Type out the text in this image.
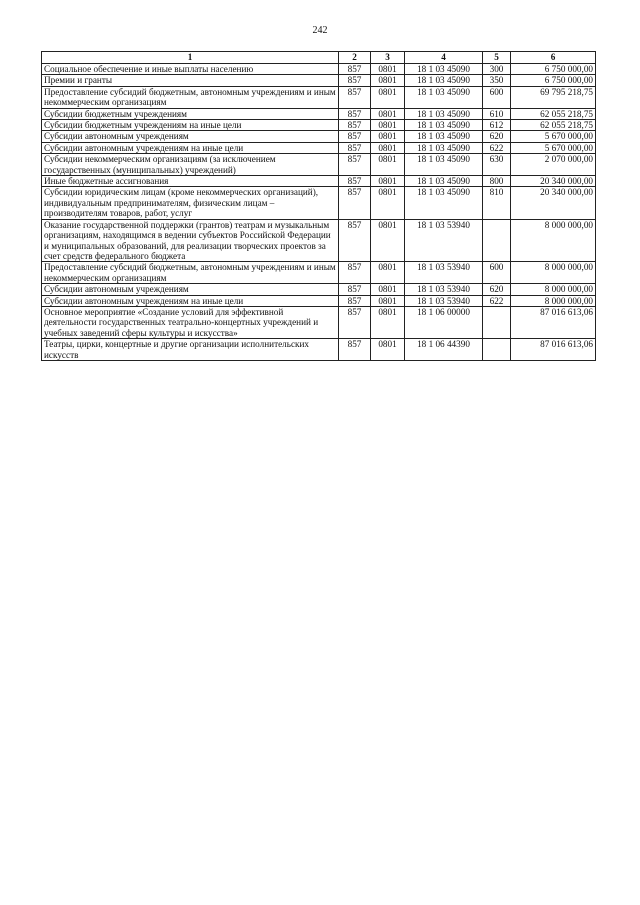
242
1	2	3	4	5	6
Социальное обеспечение и иные выплаты населению	857	0801	18 1 03 45090	300	6 750 000,00
Премии и гранты	857	0801	18 1 03 45090	350	6 750 000,00
Предоставление субсидий бюджетным, автономным учреждениям и иным некоммерческим организациям	857	0801	18 1 03 45090	600	69 795 218,75
Субсидии бюджетным учреждениям	857	0801	18 1 03 45090	610	62 055 218,75
Субсидии бюджетным учреждениям на иные цели	857	0801	18 1 03 45090	612	62 055 218,75
Субсидии автономным учреждениям	857	0801	18 1 03 45090	620	5 670 000,00
Субсидии автономным учреждениям на иные цели	857	0801	18 1 03 45090	622	5 670 000,00
Субсидии некоммерческим организациям (за исключением государственных (муниципальных) учреждений)	857	0801	18 1 03 45090	630	2 070 000,00
Иные бюджетные ассигнования	857	0801	18 1 03 45090	800	20 340 000,00
Субсидии юридическим лицам (кроме некоммерческих организаций), индивидуальным предпринимателям, физическим лицам – производителям товаров, работ, услуг	857	0801	18 1 03 45090	810	20 340 000,00
Оказание государственной поддержки (грантов) театрам и музыкальным организациям, находящимся в ведении субъектов Российской Федерации и муниципальных образований, для реализации творческих проектов за счет средств федерального бюджета	857	0801	18 1 03 53940		8 000 000,00
Предоставление субсидий бюджетным, автономным учреждениям и иным некоммерческим организациям	857	0801	18 1 03 53940	600	8 000 000,00
Субсидии автономным учреждениям	857	0801	18 1 03 53940	620	8 000 000,00
Субсидии автономным учреждениям на иные цели	857	0801	18 1 03 53940	622	8 000 000,00
Основное мероприятие «Создание условий для эффективной деятельности государственных театрально-концертных учреждений и учебных заведений сферы культуры и искусства»	857	0801	18 1 06 00000		87 016 613,06
Театры, цирки, концертные и другие организации исполнительских искусств	857	0801	18 1 06 44390		87 016 613,06
